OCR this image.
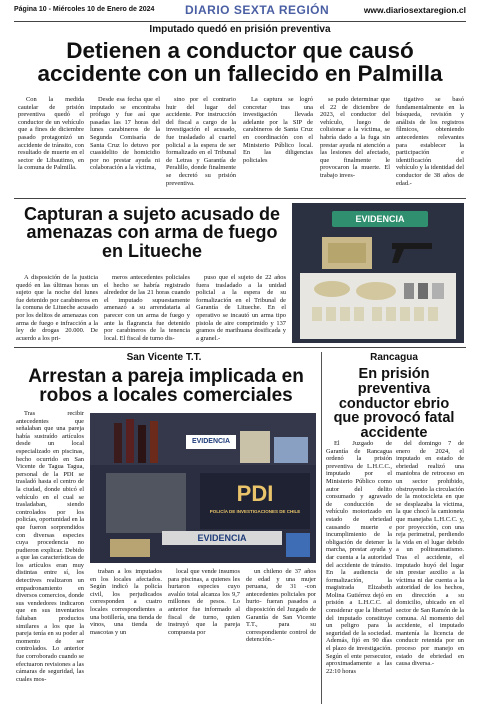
Página 10 - Miércoles 10 de Enero de 2024	DIARIO SEXTA REGIÓN	www.diariosextaregion.cl
Imputado quedó en prisión preventiva
Detienen a conductor que causó accidente con un fallecido en Palmilla

Con la medida cautelar de prisión preventiva quedó el conductor de un vehículo que a fines de diciembre pasado protagonizó un accidente de tránsito, con resultado de muerte en el sector de Libautimo, en la comuna de Palmilla.

Desde esa fecha que el imputado se encontraba prófugo y fue así que pasadas las 17 horas del lunes carabineros de la Segunda Comisaría de Santa Cruz lo detuvo por cuasidelito de homicidio por no prestar ayuda ni colaboración a la víctima,

sino por el contrario huir del lugar del accidente. Por instrucción del fiscal a cargo de la investigación el acusado, fue trasladado al cuartel policial a la espera de ser formalizado en el Tribunal de Letras y Garantía de Peralillo, donde finalmente se decretó su prisión preventiva.

La captura se logró concretar tras una investigación llevada adelante por la SIP de carabineros de Santa Cruz en coordinación con el Ministerio Público local. En las diligencias policiales

se pudo determinar que el 22 de diciembre de 2023, el conductor del vehículo, luego de colisionar a la víctima, se habría dado a la fuga sin prestar ayuda ni atención a las lesiones del afectado, que finalmente le provocaron la muerte. El trabajo inves-

tigativo se basó fundamentalmente en la búsqueda, revisión y análisis de los registros fílmicos, obteniendo antecedentes relevantes para establecer la participación e identificación del vehículo y la identidad del conductor de 38 años de edad.-

Capturan a sujeto acusado de amenazas con arma de fuego en Litueche

A disposición de la justicia quedó en las últimas horas un sujeto que la noche del lunes fue detenido por carabineros en la comuna de Litueche acusado por los delitos de amenazas con arma de fuego e infracción a la ley de drogas 20.000. De acuerdo a los pri-

meros antecedentes policiales el hecho se habría registrado alrededor de las 21 horas cuando el imputado supuestamente amenazó a su arrendataria al parecer con un arma de fuego y ante la flagrancia fue detenido por carabineros de la tenencia local. El fiscal de turno dis-

puso que el sujeto de 22 años fuera trasladado a la unidad policial a la espera de su formalización en el Tribunal de Garantía de Litueche. En el operativo se incautó un arma tipo pistola de aire comprimido y 137 gramos de marihuana dosificada y a granel.-

EVIDENCIA
San Vicente T.T.
Arrestan a pareja implicada en robos a locales comerciales

Tras recibir antecedentes que señalaban que una pareja había sustraído artículos desde un local especializado en piscinas, hecho ocurrido en San Vicente de Tagua Tagua, personal de la PDI se trasladó hasta el centro de la ciudad, donde ubicó el vehículo en el cual se trasladaban, siendo controlados por los policías, oportunidad en la que fueron sorprendidos con diversas especies cuya procedencia no pudieron explicar. Debido a que las características de los artículos eran muy distintas entre sí, los detectives realizaron un empadronamiento en diversos comercios, donde sus vendedores indicaron que en sus inventarios faltaban productos similares a los que la pareja tenía en su poder al momento de ser controlados. Lo anterior fue corroborado cuando se efectuaron revisiones a las cámaras de seguridad, las cuales mos-

EVIDENCIA
PDI
POLICÍA DE INVESTIGACIONES DE CHILE
EVIDENCIA

traban a los imputados en los locales afectados. Según indicó la policía civil, los perjudicados corresponden a cuatro locales correspondientes a una botillería, una tienda de vinos, una tienda de mascotas y un

local que vende insumos para piscinas, a quienes les hurtaron especies cuyo avalúo total alcanza los 9,7 millones de pesos. Lo anterior fue informado al fiscal de turno, quien instruyó que la pareja compuesta por

un chileno de 37 años de edad y una mujer peruana, de 31 -con antecedentes policiales por hurto- fueran pasados a disposición del Juzgado de Garantía de San Vicente T.T., para su correspondiente control de detención.-

Rancagua
En prisión preventiva conductor ebrio que provocó fatal accidente

El Juzgado de Garantía de Rancagua ordenó la prisión preventiva de L.H.C.C., imputado por el Ministerio Público como autor del delito consumado y agravado de conducción de vehículo motorizado en estado de ebriedad causando muerte e incumplimiento de la obligación de detener la marcha, prestar ayuda y dar cuenta a la autoridad del accidente de tránsito. En la audiencia de formalización, la magistrada Elizabeth Molina Gutiérrez dejó en prisión a L.H.C.C. al considerar que la libertad del imputado constituye un peligro para la seguridad de la sociedad. Además, fijó en 90 días el plazo de investigación. Según el ente persecutor, aproximadamente a las 22:10 horas

del domingo 7 de enero de 2024, el imputado en estado de ebriedad realizó una maniobra de retroceso en un sector prohibido, obstruyendo la circulación de la motocicleta en que se desplazaba la víctima, la que chocó la camioneta que manejaba L.H.C.C. y, por proyección, con una reja perimetral, perdiendo la vida en el lugar debido a un politraumatismo. Tras el accidente, el imputado huyó del lugar sin prestar auxilio a la víctima ni dar cuenta a la autoridad de los hechos, en dirección a su domicilio, ubicado en el sector de San Ramón de la comuna. Al momento del accidente, el imputado mantenía la licencia de conducir retenida por un proceso por manejo en estado de ebriedad en causa diversa.-
